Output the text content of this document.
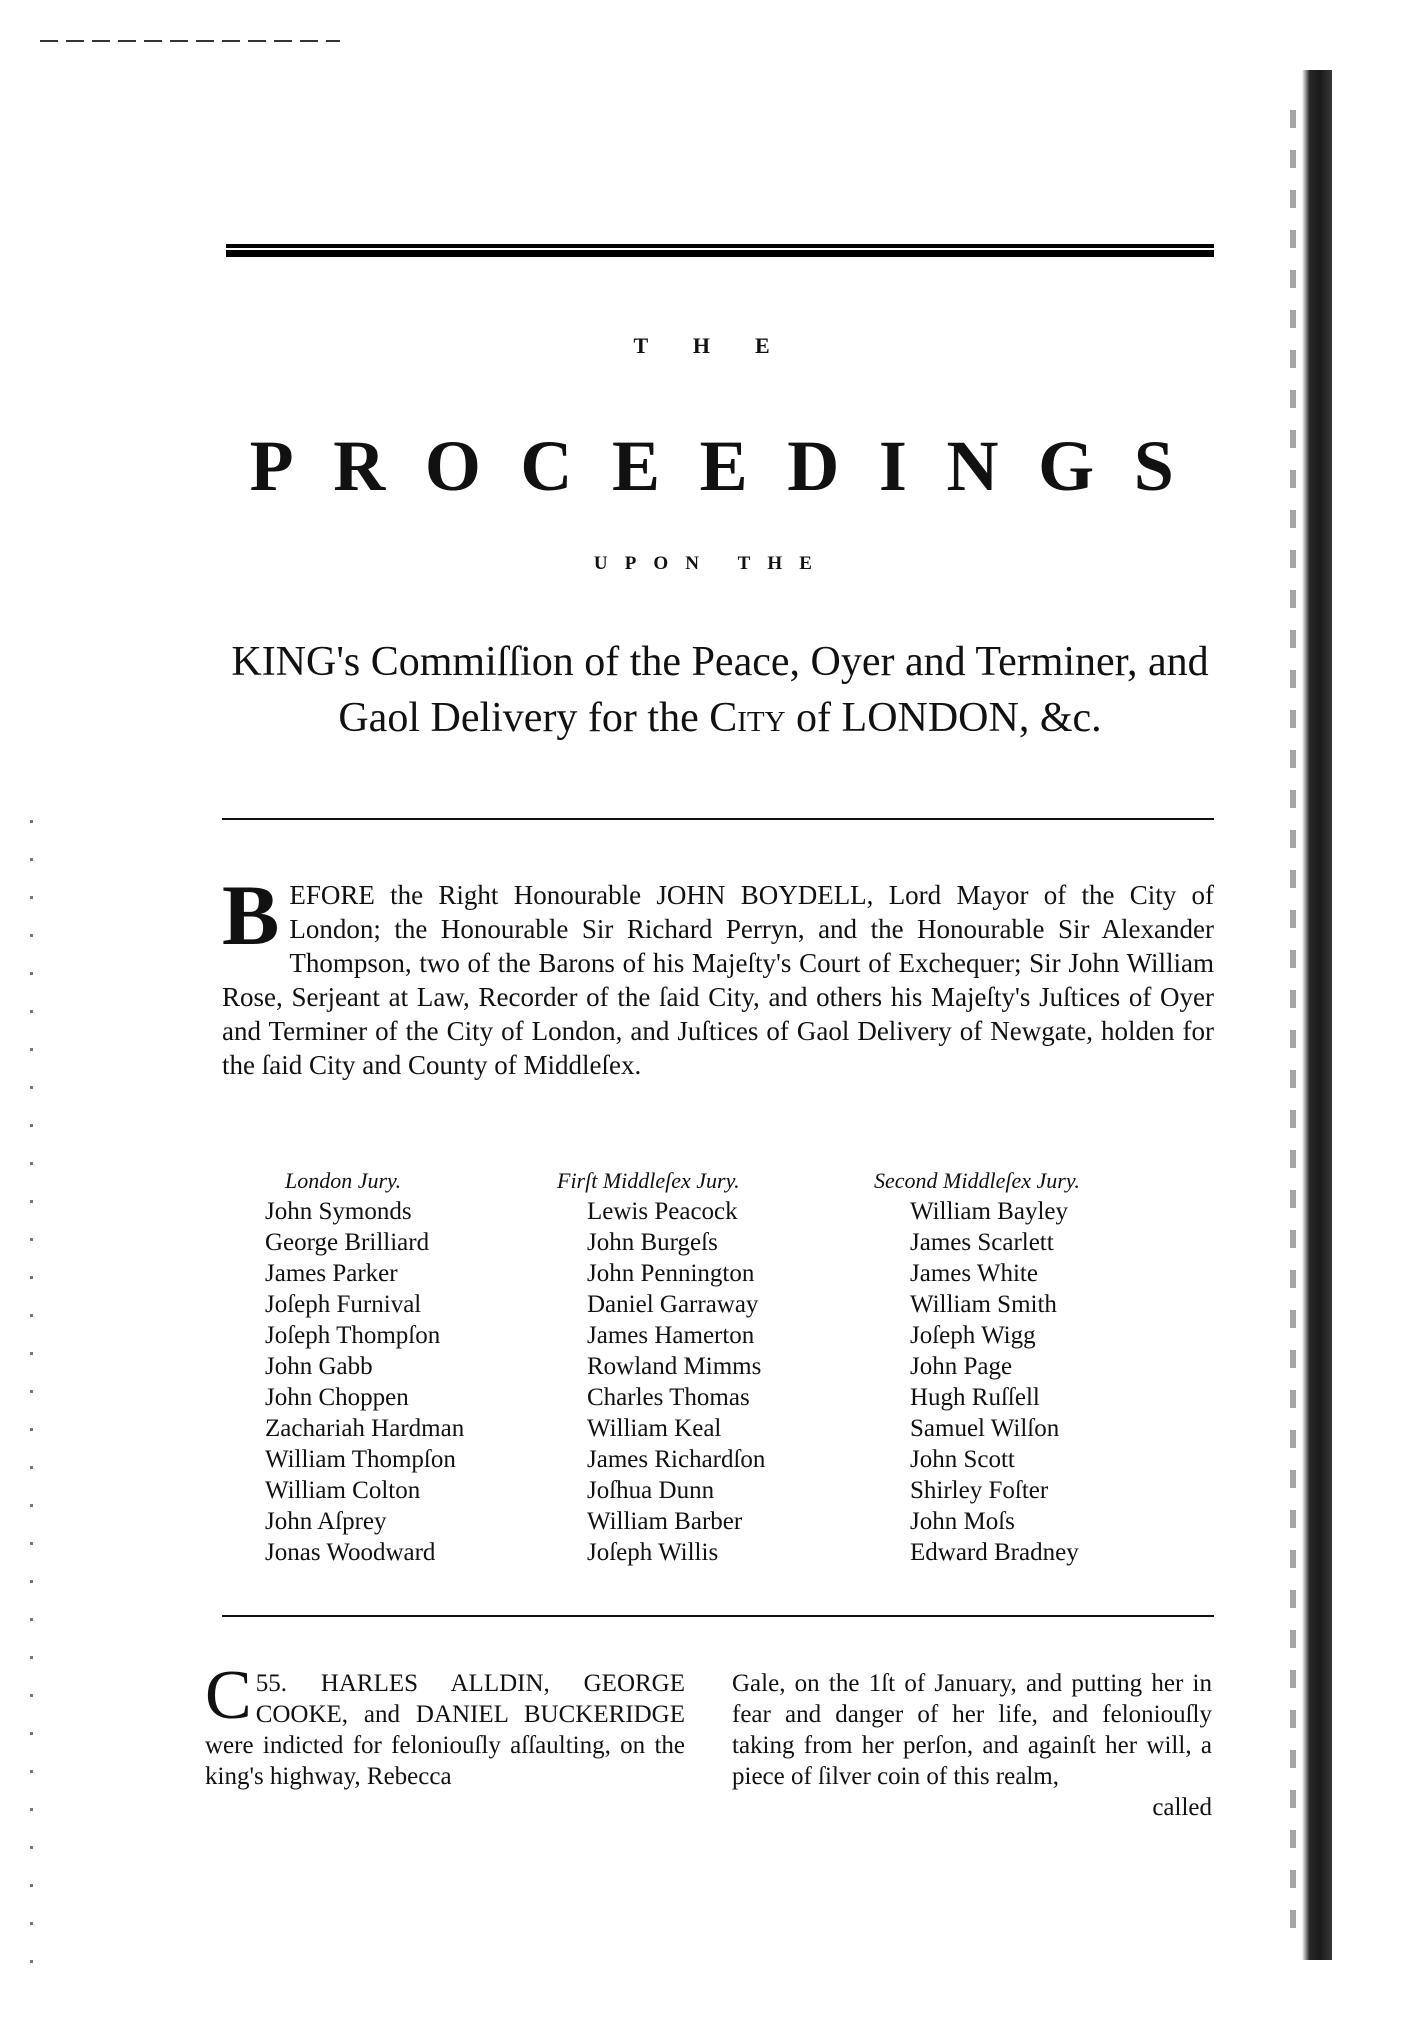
T H E
PROCEEDINGS
UPON THE
KING's Commiſſion of the Peace, Oyer and Terminer, and
Gaol Delivery for the City of LONDON, &c.
BEFORE the Right Honourable JOHN BOYDELL, Lord Mayor of the City of London; the Honourable Sir Richard Perryn, and the Honourable Sir Alexander Thompson, two of the Barons of his Majeſty's Court of Exchequer; Sir John William Rose, Serjeant at Law, Recorder of the ſaid City, and others his Majeſty's Juſtices of Oyer and Terminer of the City of London, and Juſtices of Gaol Delivery of Newgate, holden for the ſaid City and County of Middleſex.
London Jury.
John Symonds
George Brilliard
James Parker
Joſeph Furnival
Joſeph Thompſon
John Gabb
John Choppen
Zachariah Hardman
William Thompſon
William Colton
John Aſprey
Jonas Woodward
Firſt Middleſex Jury.
Lewis Peacock
John Burgeſs
John Pennington
Daniel Garraway
James Hamerton
Rowland Mimms
Charles Thomas
William Keal
James Richardſon
Joſhua Dunn
William Barber
Joſeph Willis
Second Middleſex Jury.
William Bayley
James Scarlett
James White
William Smith
Joſeph Wigg
John Page
Hugh Ruſſell
Samuel Wilſon
John Scott
Shirley Foſter
John Moſs
Edward Bradney
55.
C	HARLES ALLDIN, GEORGE COOKE, and DANIEL BUCKERIDGE were indicted for feloniouſly aſſaulting, on the king's highway, Rebecca
Gale, on the 1ſt of January, and putting her in fear and danger of her life, and feloniouſly taking from her perſon, and againſt her will, a piece of ſilver coin of this realm,
called
